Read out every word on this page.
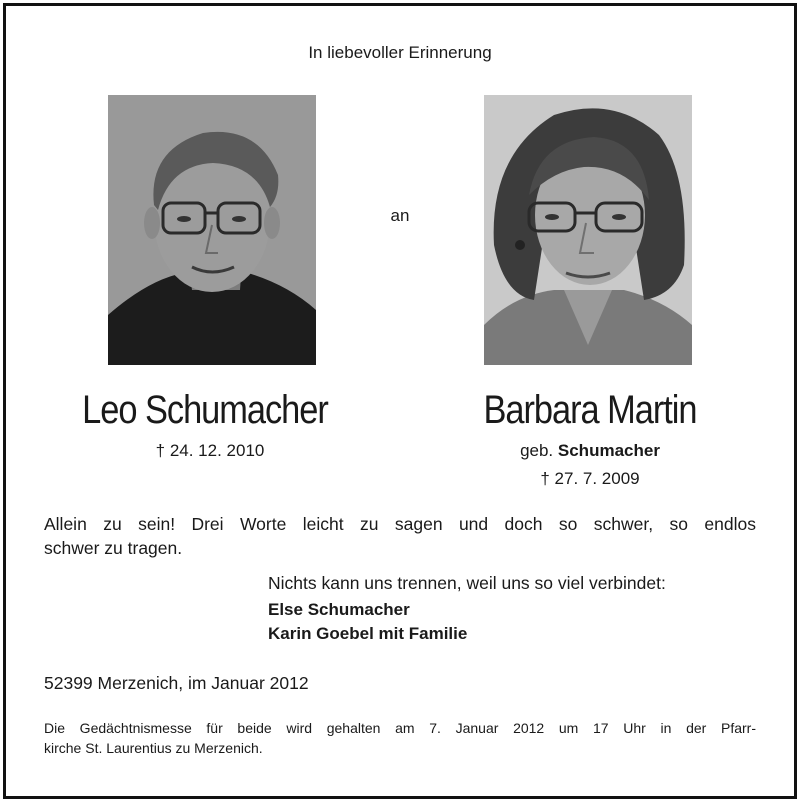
In liebevoller Erinnerung
an
Leo Schumacher	Barbara Martin
† 24. 12. 2010	geb. Schumacher
† 27. 7. 2009
Allein zu sein! Drei Worte leicht zu sagen und doch so schwer, so endlos
schwer zu tragen.
Nichts kann uns trennen, weil uns so viel verbindet:
Else Schumacher
Karin Goebel mit Familie
52399 Merzenich, im Januar 2012
Die Gedächtnismesse für beide wird gehalten am 7. Januar 2012 um 17 Uhr in der Pfarr-
kirche St. Laurentius zu Merzenich.
